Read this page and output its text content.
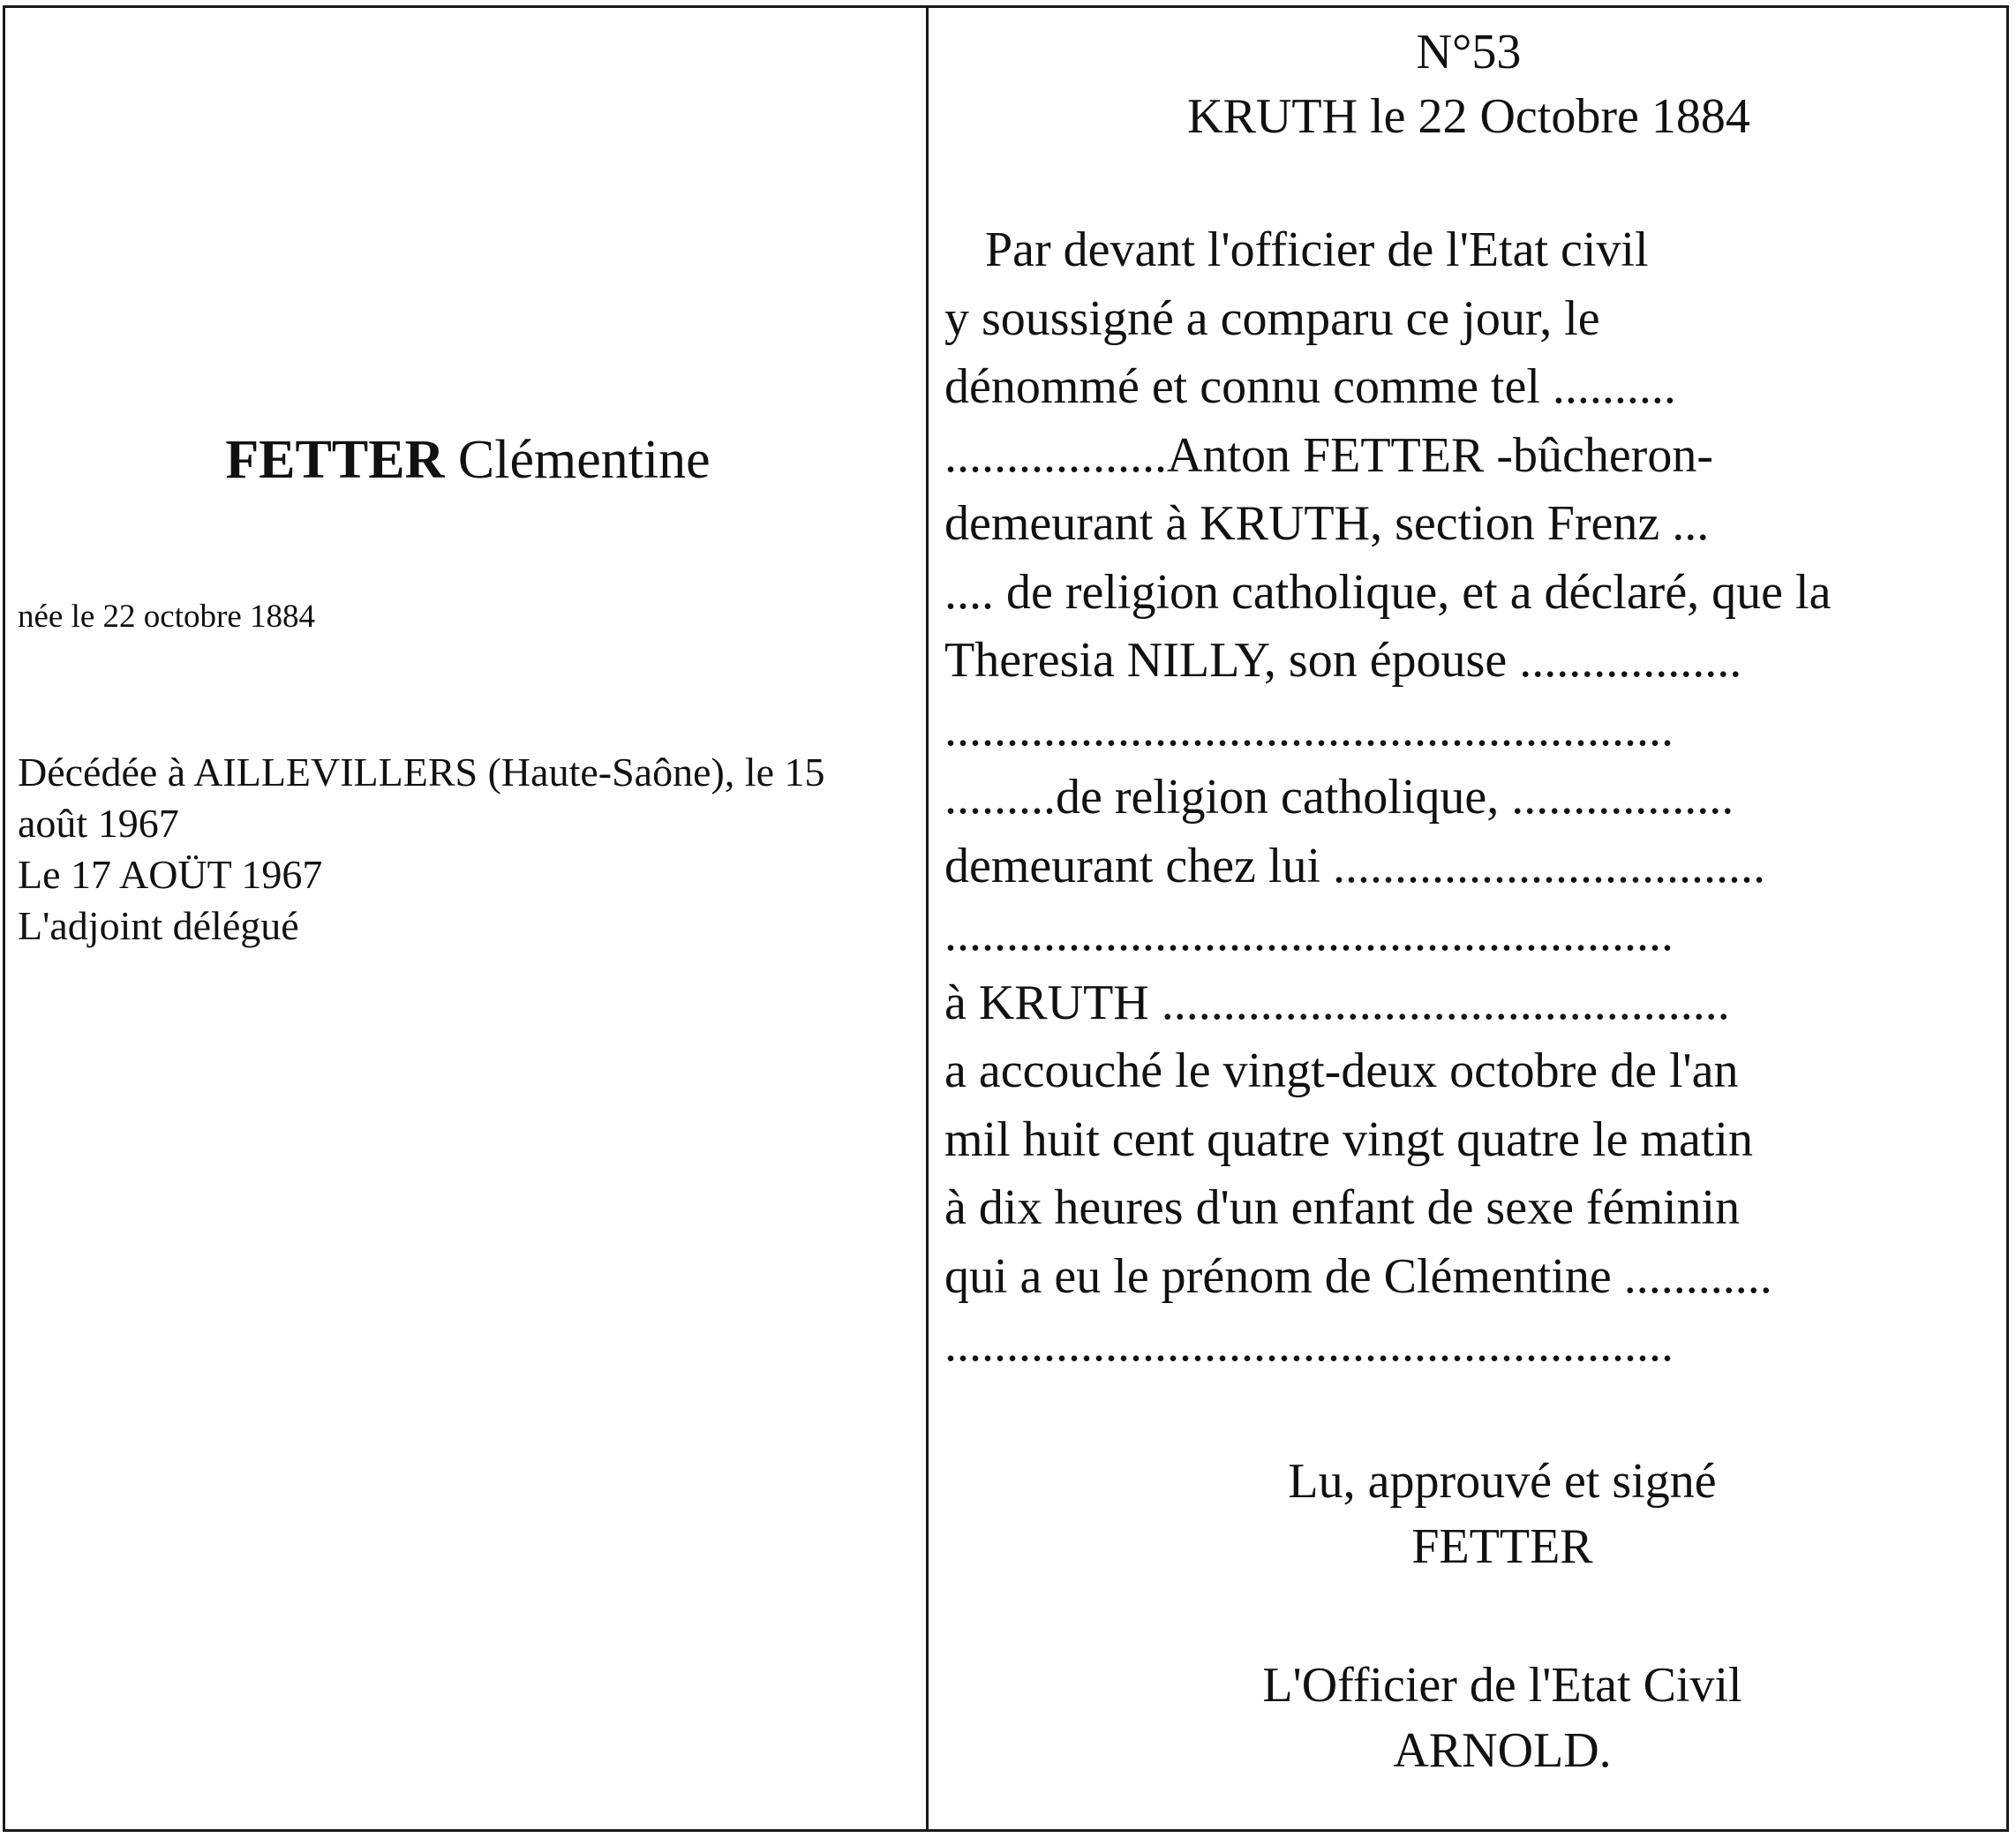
FETTER Clémentine
née le 22 octobre 1884
Décédée à AILLEVILLERS (Haute-Saône), le 15
août 1967
Le 17 AOÜT 1967
L'adjoint délégué
N°53
KRUTH le 22 Octobre 1884
Par devant l'officier de l'Etat civil
y soussigné a comparu ce jour, le
dénommé et connu comme tel ..........
..................Anton FETTER -bûcheron-
demeurant à KRUTH, section Frenz ...
.... de religion catholique, et a déclaré, que la
Theresia NILLY, son épouse ..................
...........................................................
.........de religion catholique, ..................
demeurant chez lui ...................................
...........................................................
à KRUTH ..............................................
a accouché le vingt-deux octobre de l'an
mil huit cent quatre vingt quatre le matin
à dix heures d'un enfant de sexe féminin
qui a eu le prénom de Clémentine ............
...........................................................
Lu, approuvé et signé
FETTER
L'Officier de l'Etat Civil
ARNOLD.
